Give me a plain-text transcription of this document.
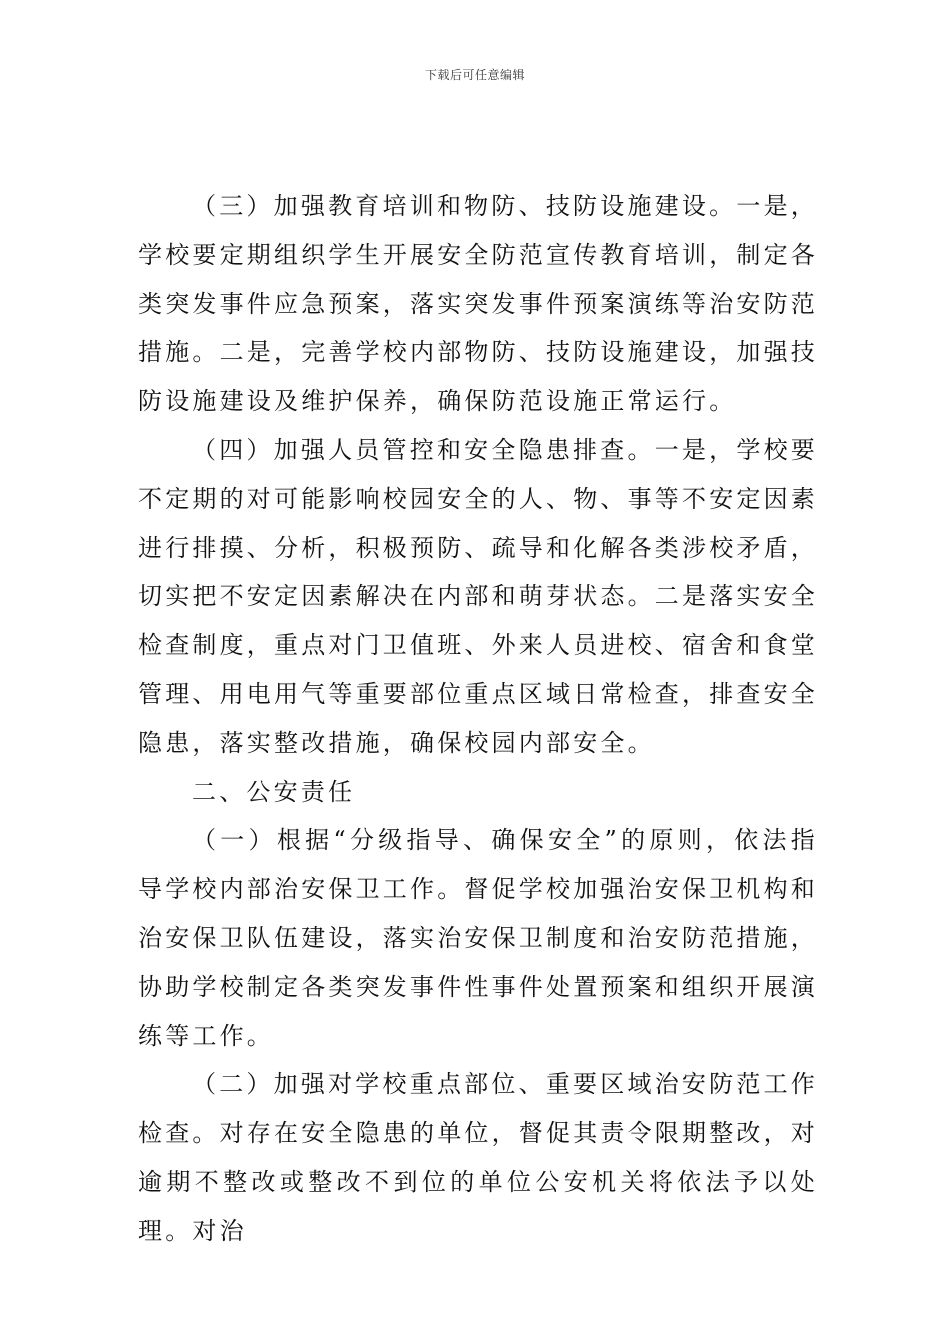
下载后可任意编辑

（三）加强教育培训和物防、技防设施建设。一是，学校要定期组织学生开展安全防范宣传教育培训，制定各类突发事件应急预案，落实突发事件预案演练等治安防范措施。二是，完善学校内部物防、技防设施建设，加强技防设施建设及维护保养，确保防范设施正常运行。

（四）加强人员管控和安全隐患排查。一是，学校要不定期的对可能影响校园安全的人、物、事等不安定因素进行排摸、分析，积极预防、疏导和化解各类涉校矛盾，切实把不安定因素解决在内部和萌芽状态。二是落实安全检查制度，重点对门卫值班、外来人员进校、宿舍和食堂管理、用电用气等重要部位重点区域日常检查，排查安全隐患，落实整改措施，确保校园内部安全。

二、公安责任

（一）根据“分级指导、确保安全”的原则，依法指导学校内部治安保卫工作。督促学校加强治安保卫机构和治安保卫队伍建设，落实治安保卫制度和治安防范措施，协助学校制定各类突发事件性事件处置预案和组织开展演练等工作。

（二）加强对学校重点部位、重要区域治安防范工作检查。对存在安全隐患的单位，督促其责令限期整改，对逾期不整改或整改不到位的单位公安机关将依法予以处理。对治
